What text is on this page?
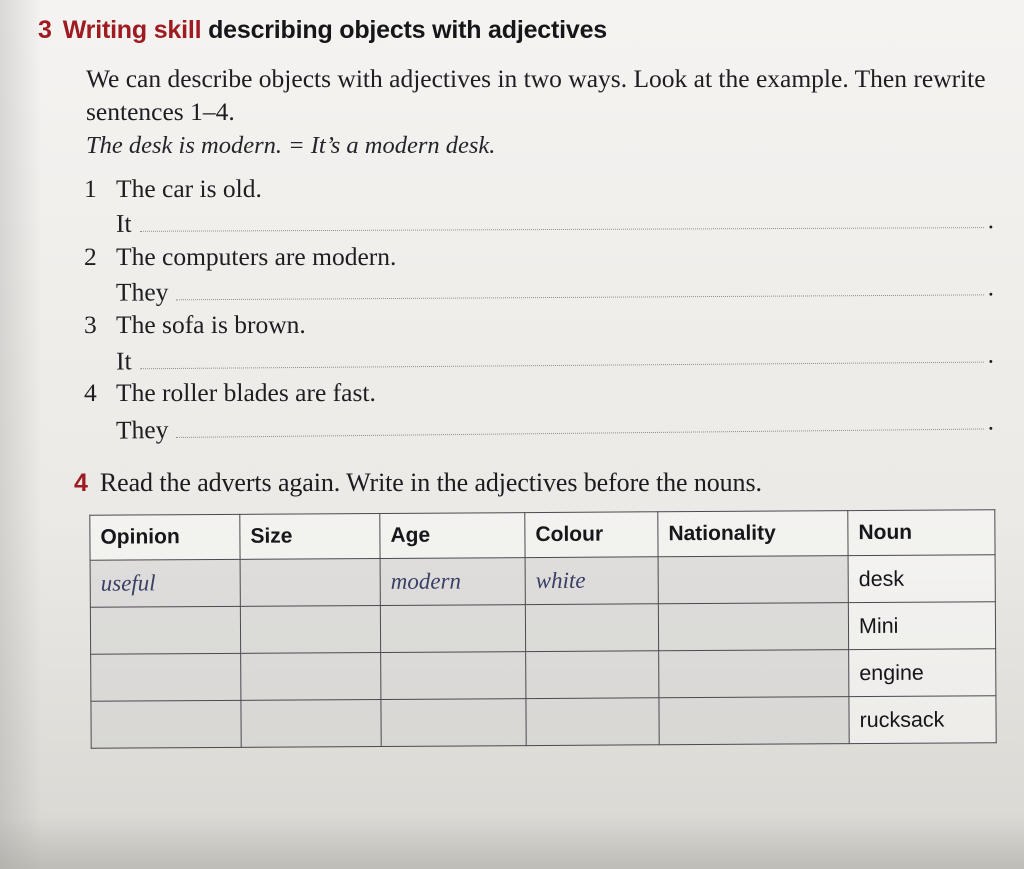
3 Writing skill describing objects with adjectives

We can describe objects with adjectives in two ways. Look at the example. Then rewrite sentences 1–4.

The desk is modern. = It’s a modern desk.

1 The car is old.
It	.
2 The computers are modern.
They	.
3 The sofa is brown.
It	.
4 The roller blades are fast.
They	.
4 Read the adverts again. Write in the adjectives before the nouns.
Opinion	Size	Age	Colour	Nationality	Noun
useful		modern	white		desk
					Mini
					engine
					rucksack
